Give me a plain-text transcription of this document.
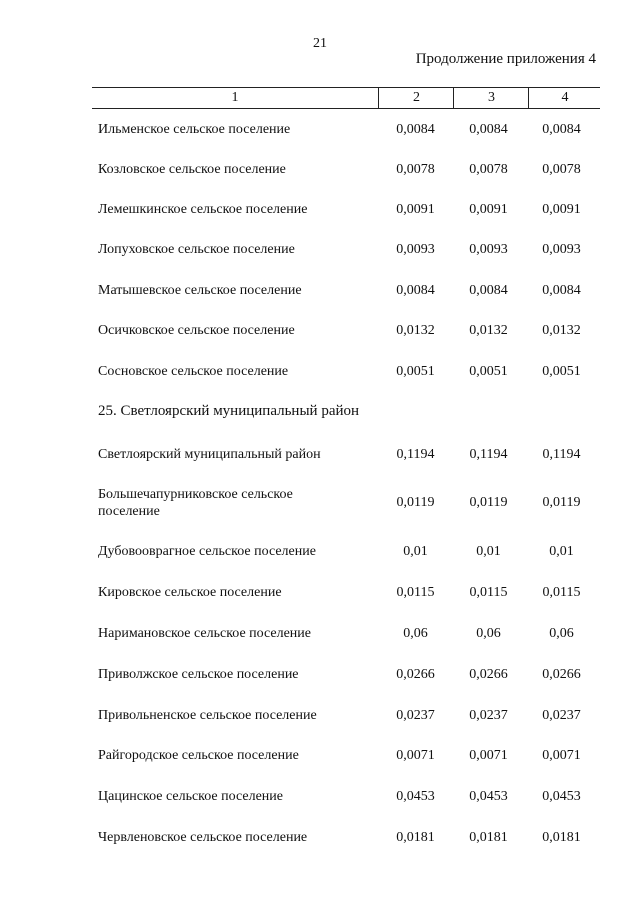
21
Продолжение приложения 4
1	2	3	4
Ильменское сельское поселение	0,0084	0,0084	0,0084
Козловское сельское поселение	0,0078	0,0078	0,0078
Лемешкинское сельское поселение	0,0091	0,0091	0,0091
Лопуховское сельское поселение	0,0093	0,0093	0,0093
Матышевское сельское поселение	0,0084	0,0084	0,0084
Осичковское сельское поселение	0,0132	0,0132	0,0132
Сосновское сельское поселение	0,0051	0,0051	0,0051
25. Светлоярский муниципальный район
Светлоярский муниципальный район	0,1194	0,1194	0,1194
Большечапурниковское сельское поселение
0,0119	0,0119	0,0119
Дубовооврагное сельское поселение	0,01	0,01	0,01
Кировское сельское поселение	0,0115	0,0115	0,0115
Наримановское сельское поселение	0,06	0,06	0,06
Приволжское сельское поселение	0,0266	0,0266	0,0266
Привольненское сельское поселение	0,0237	0,0237	0,0237
Райгородское сельское поселение	0,0071	0,0071	0,0071
Цацинское сельское поселение	0,0453	0,0453	0,0453
Червленовское сельское поселение	0,0181	0,0181	0,0181
